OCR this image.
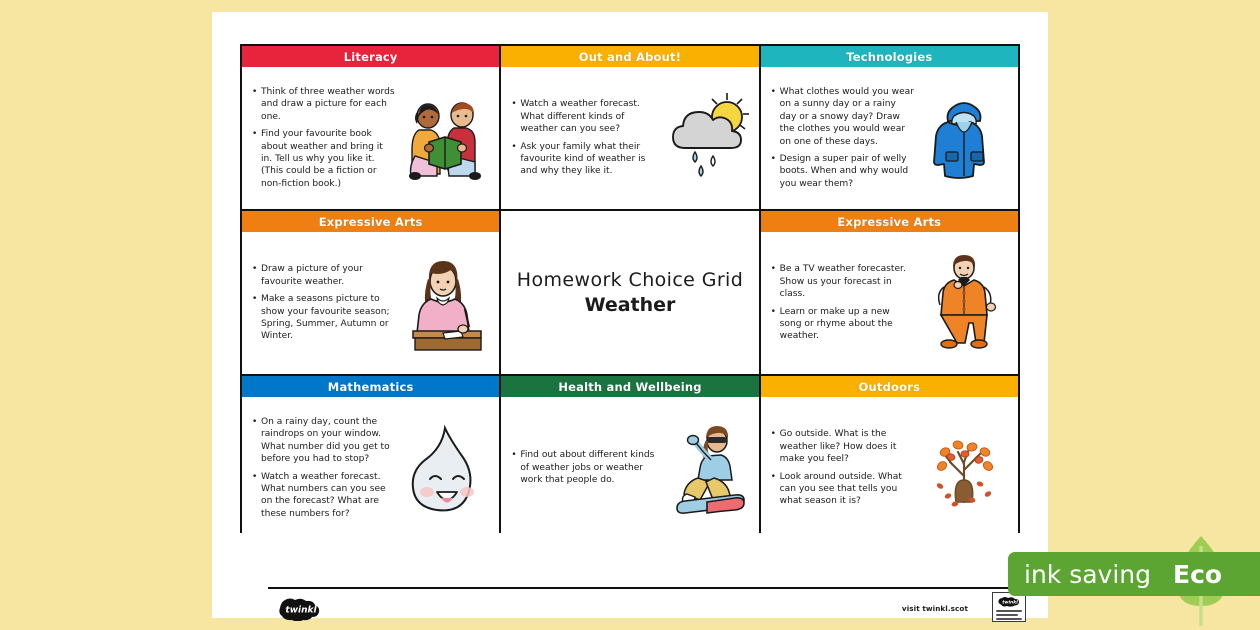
Literacy
• Think of three weather words and draw a picture for each one.
• Find your favourite book about weather and bring it in. Tell us why you like it. (This could be a fiction or non-fiction book.)
Out and About!
• Watch a weather forecast. What different kinds of weather can you see?
• Ask your family what their favourite kind of weather is and why they like it.
Technologies
• What clothes would you wear on a sunny day or a rainy day or a snowy day? Draw the clothes you would wear on one of these days.
• Design a super pair of welly boots. When and why would you wear them?
Expressive Arts
• Draw a picture of your favourite weather.
• Make a seasons picture to show your favourite season; Spring, Summer, Autumn or Winter.
Homework Choice Grid
Weather
Expressive Arts
• Be a TV weather forecaster. Show us your forecast in class.
• Learn or make up a new song or rhyme about the weather.
Mathematics
• On a rainy day, count the raindrops on your window. What number did you get to before you had to stop?
• Watch a weather forecast. What numbers can you see on the forecast? What are these numbers for?
Health and Wellbeing
• Find out about different kinds of weather jobs or weather work that people do.
Outdoors
• Go outside. What is the weather like? How does it make you feel?
• Look around outside. What can you see that tells you what season it is?
twinkl	visit twinkl.scot
twinkl
ink saving Eco
